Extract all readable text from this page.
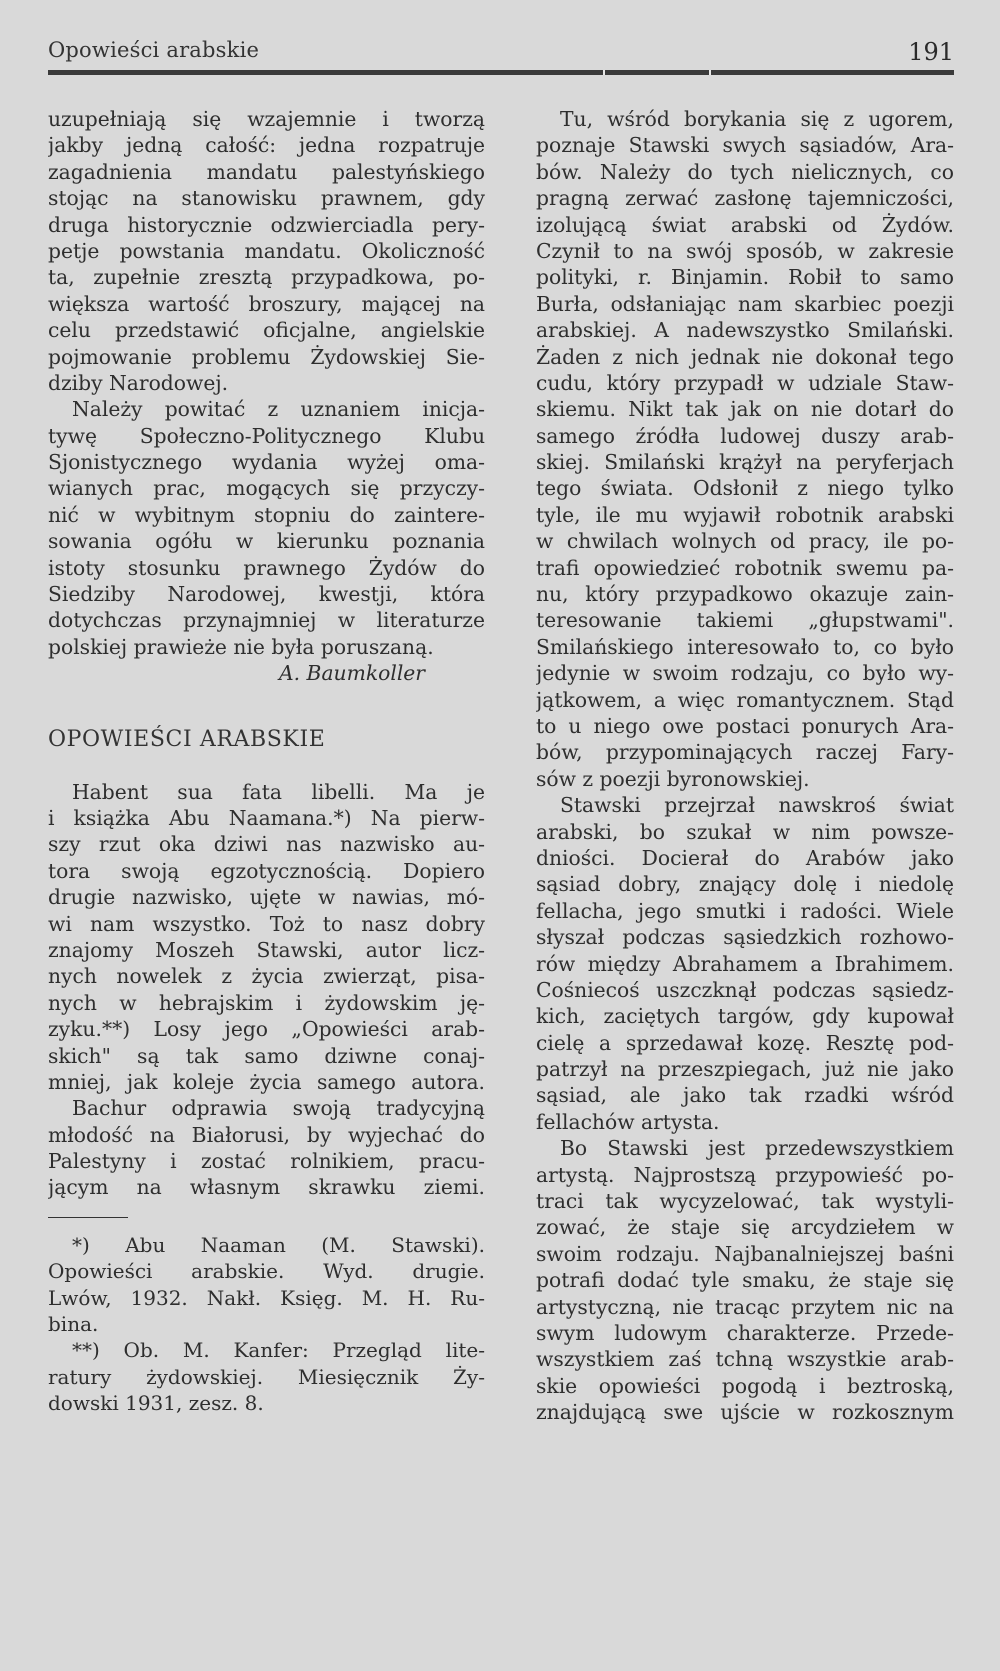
Opowieści arabskie	191
uzupełniają się wzajemnie i tworzą
jakby jedną całość: jedna rozpatruje
zagadnienia mandatu palestyńskiego
stojąc na stanowisku prawnem, gdy
druga historycznie odzwierciadla pery-
petje powstania mandatu. Okoliczność
ta, zupełnie zresztą przypadkowa, po-
większa wartość broszury, mającej na
celu przedstawić oficjalne, angielskie
pojmowanie problemu Żydowskiej Sie-
dziby Narodowej.
Należy powitać z uznaniem inicja-
tywę Społeczno-Politycznego Klubu
Sjonistycznego wydania wyżej oma-
wianych prac, mogących się przyczy-
nić w wybitnym stopniu do zaintere-
sowania ogółu w kierunku poznania
istoty stosunku prawnego Żydów do
Siedziby Narodowej, kwestji, która
dotychczas przynajmniej w literaturze
polskiej prawieże nie była poruszaną.
A. Baumkoller
OPOWIEŚCI ARABSKIE
Habent sua fata libelli. Ma je
i książka Abu Naamana.*) Na pierw-
szy rzut oka dziwi nas nazwisko au-
tora swoją egzotycznością. Dopiero
drugie nazwisko, ujęte w nawias, mó-
wi nam wszystko. Toż to nasz dobry
znajomy Moszeh Stawski, autor licz-
nych nowelek z życia zwierząt, pisa-
nych w hebrajskim i żydowskim ję-
zyku.**) Losy jego „Opowieści arab-
skich" są tak samo dziwne conaj-
mniej, jak koleje życia samego autora.
Bachur odprawia swoją tradycyjną
młodość na Białorusi, by wyjechać do
Palestyny i zostać rolnikiem, pracu-
jącym na własnym skrawku ziemi.
*) Abu Naaman (M. Stawski).
Opowieści arabskie. Wyd. drugie.
Lwów, 1932. Nakł. Księg. M. H. Ru-
bina.
**) Ob. M. Kanfer: Przegląd lite-
ratury żydowskiej. Miesięcznik Ży-
dowski 1931, zesz. 8.
Tu, wśród borykania się z ugorem,
poznaje Stawski swych sąsiadów, Ara-
bów. Należy do tych nielicznych, co
pragną zerwać zasłonę tajemniczości,
izolującą świat arabski od Żydów.
Czynił to na swój sposób, w zakresie
polityki, r. Binjamin. Robił to samo
Burła, odsłaniając nam skarbiec poezji
arabskiej. A nadewszystko Smilański.
Żaden z nich jednak nie dokonał tego
cudu, który przypadł w udziale Staw-
skiemu. Nikt tak jak on nie dotarł do
samego źródła ludowej duszy arab-
skiej. Smilański krążył na peryferjach
tego świata. Odsłonił z niego tylko
tyle, ile mu wyjawił robotnik arabski
w chwilach wolnych od pracy, ile po-
trafi opowiedzieć robotnik swemu pa-
nu, który przypadkowo okazuje zain-
teresowanie takiemi „głupstwami".
Smilańskiego interesowało to, co było
jedynie w swoim rodzaju, co było wy-
jątkowem, a więc romantycznem. Stąd
to u niego owe postaci ponurych Ara-
bów, przypominających raczej Fary-
sów z poezji byronowskiej.
Stawski przejrzał nawskroś świat
arabski, bo szukał w nim powsze-
dniości. Docierał do Arabów jako
sąsiad dobry, znający dolę i niedolę
fellacha, jego smutki i radości. Wiele
słyszał podczas sąsiedzkich rozhowo-
rów między Abrahamem a Ibrahimem.
Cośniecoś uszczknął podczas sąsiedz-
kich, zaciętych targów, gdy kupował
cielę a sprzedawał kozę. Resztę pod-
patrzył na przeszpiegach, już nie jako
sąsiad, ale jako tak rzadki wśród
fellachów artysta.
Bo Stawski jest przedewszystkiem
artystą. Najprostszą przypowieść po-
traci tak wycyzelować, tak wystyli-
zować, że staje się arcydziełem w
swoim rodzaju. Najbanalniejszej baśni
potrafi dodać tyle smaku, że staje się
artystyczną, nie tracąc przytem nic na
swym ludowym charakterze. Przede-
wszystkiem zaś tchną wszystkie arab-
skie opowieści pogodą i beztroską,
znajdującą swe ujście w rozkosznym
